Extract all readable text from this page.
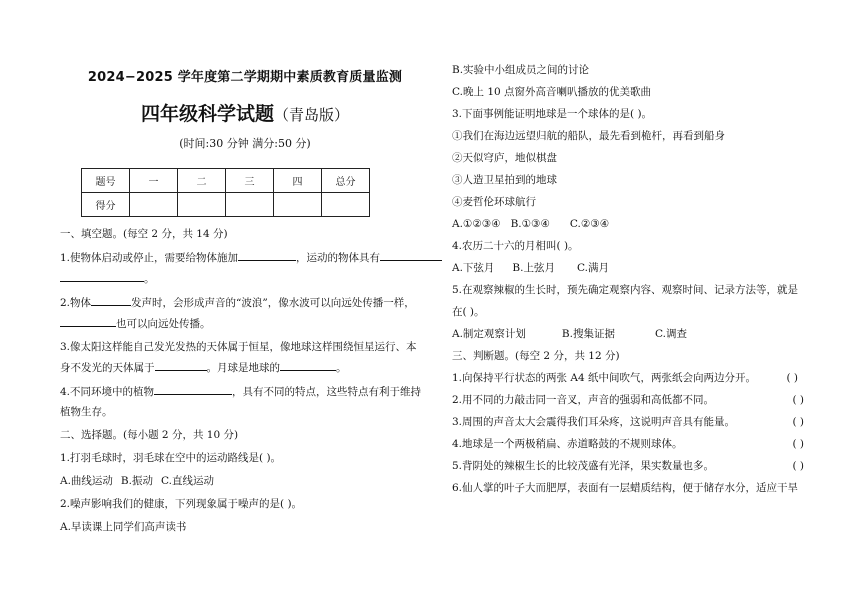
2024−2025 学年度第二学期期中素质教育质量监测
四年级科学试题（青岛版）
(时间:30 分钟 满分:50 分)
题号	一	二	三	四	总分
得分					
一、填空题。(每空 2 分，共 14 分)
1.使物体启动或停止，需要给物体施加	，运动的物体具有
。
2.物体	发声时，会形成声音的“波浪”，像水波可以向远处传播一样，
也可以向远处传播。
3.像太阳这样能自己发光发热的天体属于恒星，像地球这样围绕恒星运行、本
身不发光的天体属于	。月球是地球的	。
4.不同环境中的植物	，具有不同的特点，这些特点有利于维持
植物生存。
二、选择题。(每小题 2 分，共 10 分)
1.打羽毛球时，羽毛球在空中的运动路线是( )。
A.曲线运动 B.振动 C.直线运动
2.噪声影响我们的健康，下列现象属于噪声的是( )。
A.早读课上同学们高声读书
B.实验中小组成员之间的讨论
C.晚上 10 点窗外高音喇叭播放的优美歌曲
3.下面事例能证明地球是一个球体的是( )。
①我们在海边远望归航的船队，最先看到桅杆，再看到船身
②天似穹庐，地似棋盘
③人造卫星拍到的地球
④麦哲伦环球航行
A.①②③④ B.①③④ C.②③④
4.农历二十六的月相叫( )。
A.下弦月 B.上弦月 C.满月
5.在观察辣椒的生长时，预先确定观察内容、观察时间、记录方法等，就是
在( )。
A.制定观察计划	B.搜集证据	C.调查
三、判断题。(每空 2 分，共 12 分)
1.向保持平行状态的两张 A4 纸中间吹气，两张纸会向两边分开。	( )
2.用不同的力敲击同一音叉，声音的强弱和高低都不同。	( )
3.周围的声音太大会震得我们耳朵疼，这说明声音具有能量。	( )
4.地球是一个两极稍扁、赤道略鼓的不规则球体。	( )
5.背阴处的辣椒生长的比较茂盛有光泽，果实数量也多。	( )
6.仙人掌的叶子大而肥厚，表面有一层蜡质结构，便于储存水分，适应干旱
